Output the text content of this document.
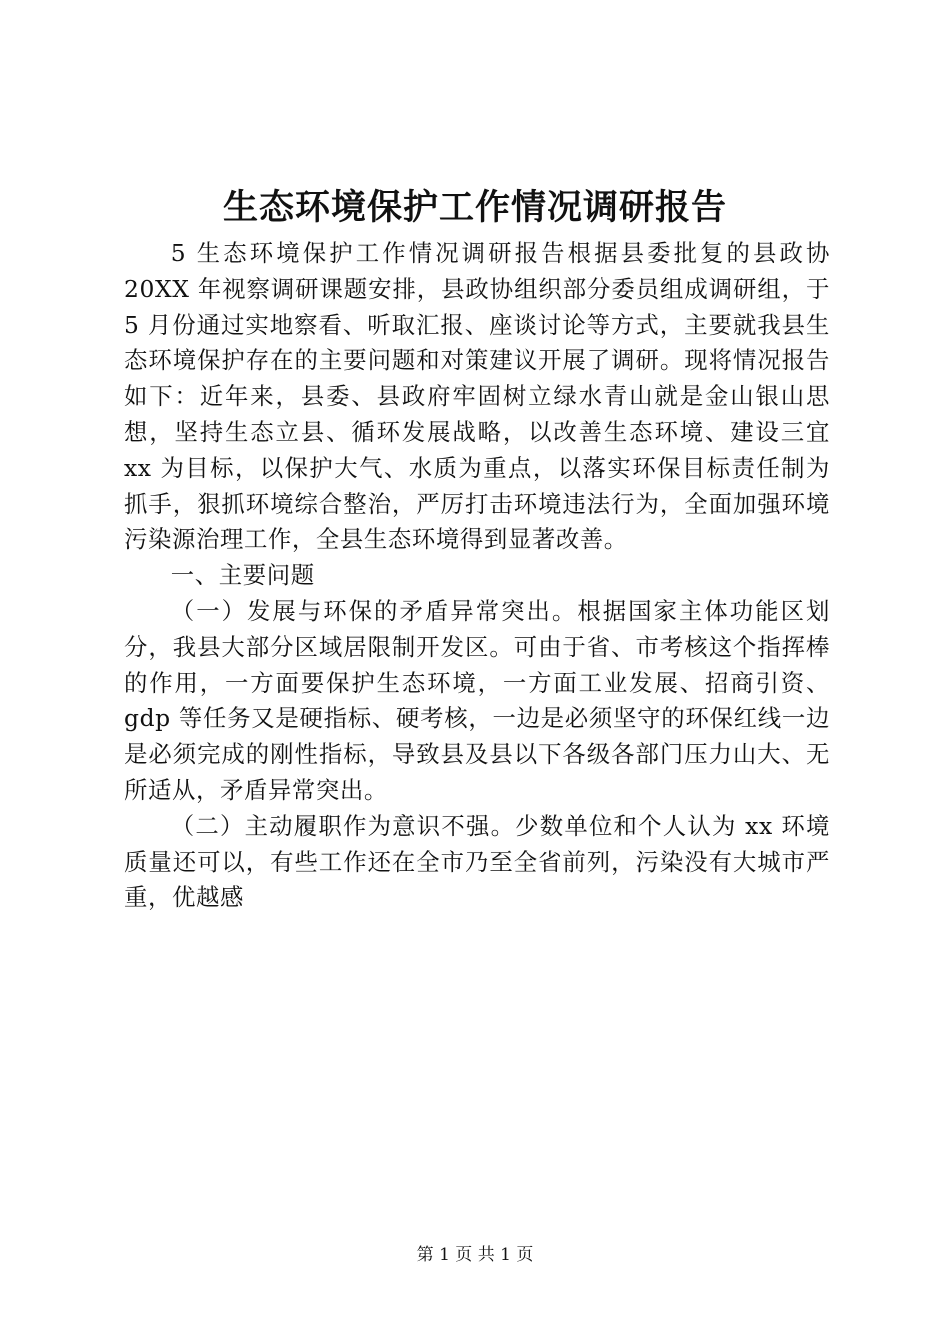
生态环境保护工作情况调研报告

5 生态环境保护工作情况调研报告根据县委批复的县政协 20XX 年视察调研课题安排，县政协组织部分委员组成调研组，于 5 月份通过实地察看、听取汇报、座谈讨论等方式，主要就我县生态环境保护存在的主要问题和对策建议开展了调研。现将情况报告如下：近年来，县委、县政府牢固树立绿水青山就是金山银山思想，坚持生态立县、循环发展战略，以改善生态环境、建设三宜 xx 为目标，以保护大气、水质为重点，以落实环保目标责任制为抓手，狠抓环境综合整治，严厉打击环境违法行为，全面加强环境污染源治理工作，全县生态环境得到显著改善。

一、主要问题

（一）发展与环保的矛盾异常突出。根据国家主体功能区划分，我县大部分区域居限制开发区。可由于省、市考核这个指挥棒的作用，一方面要保护生态环境，一方面工业发展、招商引资、gdp 等任务又是硬指标、硬考核，一边是必须坚守的环保红线一边是必须完成的刚性指标，导致县及县以下各级各部门压力山大、无所适从，矛盾异常突出。

（二）主动履职作为意识不强。少数单位和个人认为 xx 环境质量还可以，有些工作还在全市乃至全省前列，污染没有大城市严重，优越感

第 1 页 共 1 页
